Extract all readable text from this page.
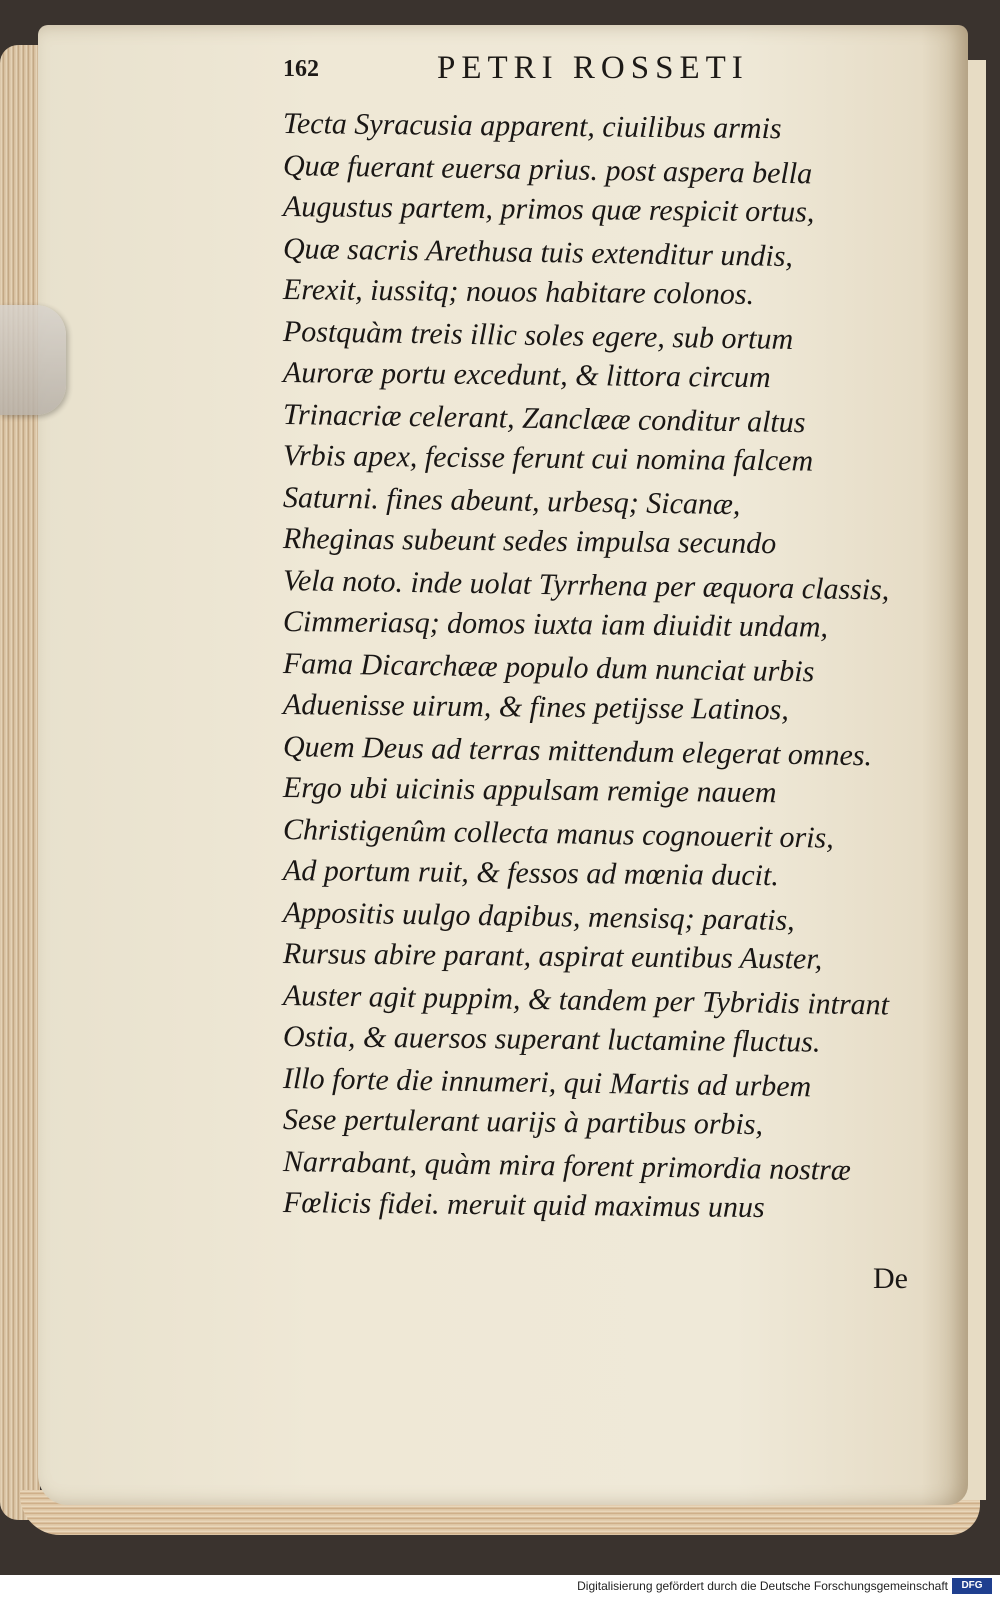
162	PETRI ROSSETI
Tecta Syracusia apparent, ciuilibus armis
Quæ fuerant euersa prius. post aspera bella
Augustus partem, primos quæ respicit ortus,
Quæ sacris Arethusa tuis extenditur undis,
Erexit, iussitq; nouos habitare colonos.
Postquàm treis illic soles egere, sub ortum
Auroræ portu excedunt, & littora circum
Trinacriæ celerant, Zanclææ conditur altus
Vrbis apex, fecisse ferunt cui nomina falcem
Saturni. fines abeunt, urbesq; Sicanæ,
Rheginas subeunt sedes impulsa secundo
Vela noto. inde uolat Tyrrhena per æquora classis,
Cimmeriasq; domos iuxta iam diuidit undam,
Fama Dicarchææ populo dum nunciat urbis
Aduenisse uirum, & fines petijsse Latinos,
Quem Deus ad terras mittendum elegerat omnes.
Ergo ubi uicinis appulsam remige nauem
Christigenûm collecta manus cognouerit oris,
Ad portum ruit, & fessos ad mœnia ducit.
Appositis uulgo dapibus, mensisq; paratis,
Rursus abire parant, aspirat euntibus Auster,
Auster agit puppim, & tandem per Tybridis intrant
Ostia, & auersos superant luctamine fluctus.
Illo forte die innumeri, qui Martis ad urbem
Sese pertulerant uarijs à partibus orbis,
Narrabant, quàm mira forent primordia nostræ
Fœlicis fidei. meruit quid maximus unus
De
Digitalisierung gefördert durch die Deutsche Forschungsgemeinschaft	DFG
